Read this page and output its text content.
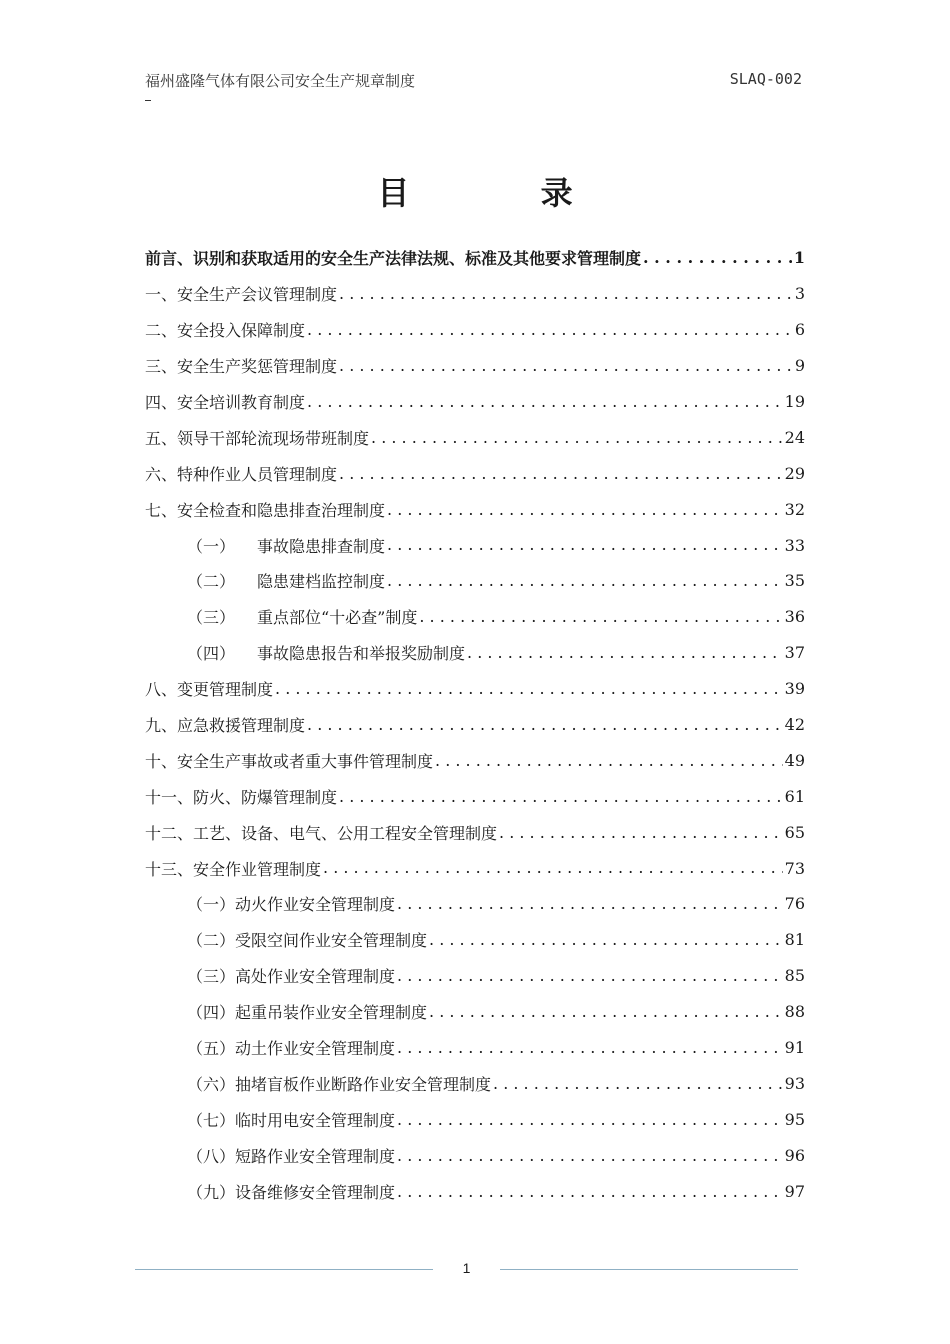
福州盛隆气体有限公司安全生产规章制度	SLAQ-002
目 录
前言、识别和获取适用的安全生产法律法规、标准及其他要求管理制度 . . .	1
一、安全生产会议管理制度 . . .	3
二、安全投入保障制度 . . .	6
三、安全生产奖惩管理制度 . . .	9
四、安全培训教育制度 . . .	19
五、领导干部轮流现场带班制度 . . .	24
六、特种作业人员管理制度 . . .	29
七、安全检查和隐患排查治理制度 . . .	32
（一）	事故隐患排查制度 . . .	33
（二）	隐患建档监控制度 . . .	35
（三）	重点部位“十必查”制度 . . .	36
（四）	事故隐患报告和举报奖励制度 . . .	37
八、变更管理制度 . . .	39
九、应急救援管理制度 . . .	42
十、安全生产事故或者重大事件管理制度 . . .	49
十一、防火、防爆管理制度 . . .	61
十二、工艺、设备、电气、公用工程安全管理制度 . . .	65
十三、安全作业管理制度 . . .	73
（一） 动火作业安全管理制度 . . .	76
（二） 受限空间作业安全管理制度 . . .	81
（三） 高处作业安全管理制度 . . .	85
（四） 起重吊装作业安全管理制度 . . .	88
（五） 动土作业安全管理制度 . . .	91
（六） 抽堵盲板作业断路作业安全管理制度 . . .	93
（七） 临时用电安全管理制度 . . .	95
（八） 短路作业安全管理制度 . . .	96
（九） 设备维修安全管理制度 . . .	97
1
